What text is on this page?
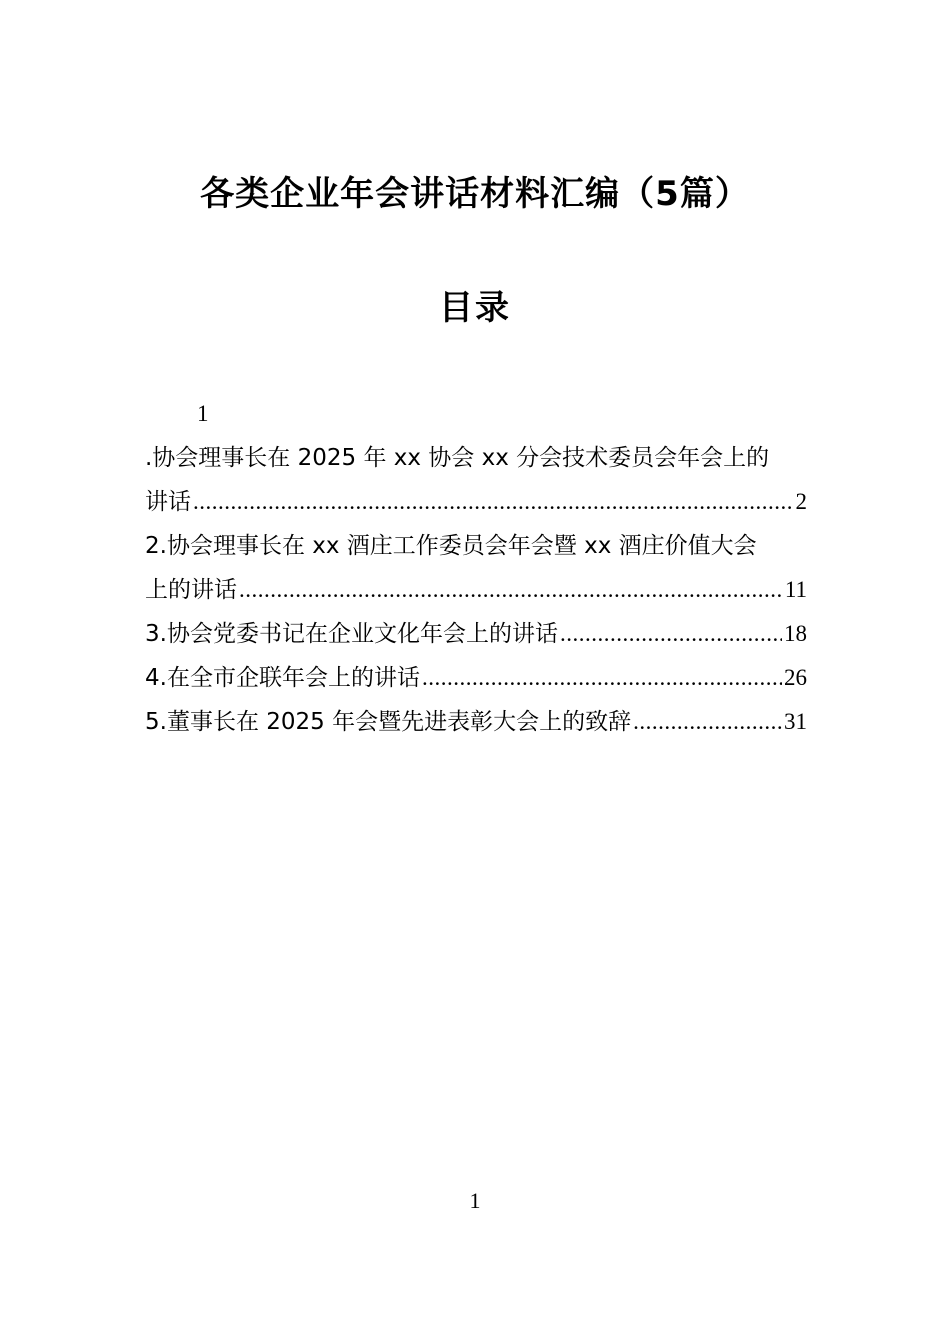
各类企业年会讲话材料汇编（5篇）
目录
1
.协会理事长在 2025 年 xx 协会 xx 分会技术委员会年会上的
讲话 .....	2
2.协会理事长在 xx 酒庄工作委员会年会暨 xx 酒庄价值大会
上的讲话 .....	11
3.协会党委书记在企业文化年会上的讲话 .....	18
4.在全市企联年会上的讲话 .....	26
5.董事长在 2025 年会暨先进表彰大会上的致辞 .....	31
1
